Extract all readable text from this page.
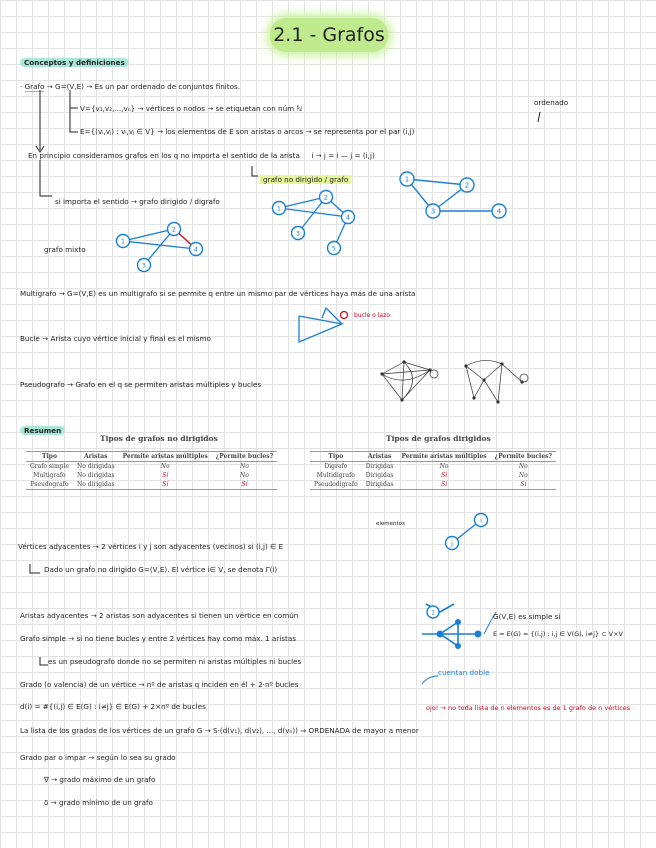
2.1 - Grafos
Conceptos y definiciones
· Grafo → G=(V,E) → Es un par ordenado de conjuntos finitos.
ordenado
V={v₁,v₂,...,vₙ} → vértices o nodos → se etiquetan con núm ℕ
E={(vᵢ,vⱼ) : vᵢ,vⱼ ∈ V} → los elementos de E son aristas o arcos → se representa por el par (i,j)
En principio consideramos grafos en los q no importa el sentido de la arista i → j = i — j = (i,j)
grafo no dirigido / grafo
si importa el sentido → grafo dirigido / digrafo
grafo mixto
1
2
3	4
1
2
4
3
5
1
2
4
3
Multigrafo → G=(V,E) es un multigrafo si se permite q entre un mismo par de vértices haya más de una arista
Bucle → Arista cuyo vértice inicial y final es el mismo
bucle o lazo
Pseudografo → Grafo en el q se permiten aristas múltiples y bucles
Resumen
Tipos de grafos no dirigidos
Tipo	Aristas	Permite aristas múltiples	¿Permite bucles?
Grafo simple	No dirigidas	No	No
Multigrafo	No dirigidas	Sí	No
Pseudografo	No dirigidas	Sí	Sí
Tipos de grafos dirigidos
Tipo	Aristas	Permite aristas múltiples	¿Permite bucles?
Digrafo	Dirigidas	No	No
Multidigrafo	Dirigidas	Sí	No
Pseudodigrafo	Dirigidas	Sí	Sí
elementos
Vértices adyacentes → 2 vértices i y j son adyacentes (vecinos) si (i,j) ∈ E
Dado un grafo no dirigido G=(V,E). El vértice i∈ V, se denota Γ(i)
j
i
Aristas adyacentes → 2 aristas son adyacentes si tienen un vértice en común
Grafo simple → si no tiene bucles y entre 2 vértices hay como máx. 1 aristas
es un pseudografo donde no se permiten ni aristas múltiples ni bucles
1	G(V,E) es simple si
E = E(G) = {(i,j) : i,j ∈ V(G), i≠j} ⊂ V×V
Grado (o valencia) de un vértice → nº de aristas q inciden en él + 2·nº bucles
cuentan doble
d(i) = #{(i,j) ∈ E(G) : i≠j} ∈ E(G) + 2×nº de bucles	ojo! → no toda lista de n elementos es de 1 grafo de n vértices
La lista de los grados de los vértices de un grafo G → S·(d(v₁), d(v₂), ..., d(vₙ)) ⇒ ORDENADA de mayor a menor
Grado par o impar → según lo sea su grado
∇ → grado máximo de un grafo
δ → grado mínimo de un grafo
